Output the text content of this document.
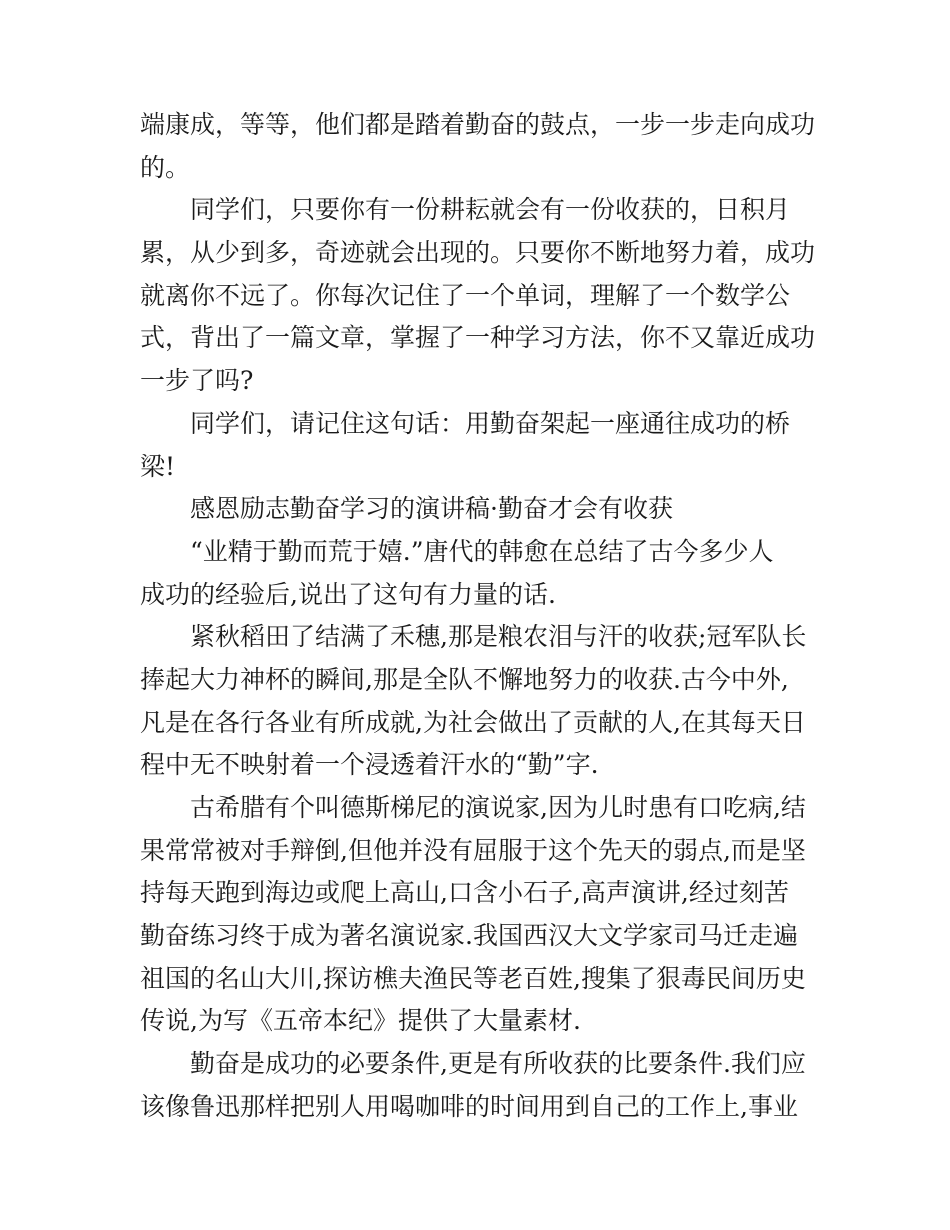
端康成，等等，他们都是踏着勤奋的鼓点，一步一步走向成功
的。
同学们，只要你有一份耕耘就会有一份收获的，日积月
累，从少到多，奇迹就会出现的。只要你不断地努力着，成功
就离你不远了。你每次记住了一个单词，理解了一个数学公
式，背出了一篇文章，掌握了一种学习方法，你不又靠近成功
一步了吗?
同学们，请记住这句话：用勤奋架起一座通往成功的桥
梁!
感恩励志勤奋学习的演讲稿·勤奋才会有收获
“业精于勤而荒于嬉.”唐代的韩愈在总结了古今多少人
成功的经验后,说出了这句有力量的话.
紧秋稻田了结满了禾穗,那是粮农泪与汗的收获;冠军队长
捧起大力神杯的瞬间,那是全队不懈地努力的收获.古今中外,
凡是在各行各业有所成就,为社会做出了贡献的人,在其每天日
程中无不映射着一个浸透着汗水的“勤”字.
古希腊有个叫德斯梯尼的演说家,因为儿时患有口吃病,结
果常常被对手辩倒,但他并没有屈服于这个先天的弱点,而是坚
持每天跑到海边或爬上高山,口含小石子,高声演讲,经过刻苦
勤奋练习终于成为著名演说家.我国西汉大文学家司马迁走遍
祖国的名山大川,探访樵夫渔民等老百姓,搜集了狠毒民间历史
传说,为写《五帝本纪》提供了大量素材.
勤奋是成功的必要条件,更是有所收获的比要条件.我们应
该像鲁迅那样把别人用喝咖啡的时间用到自己的工作上,事业
